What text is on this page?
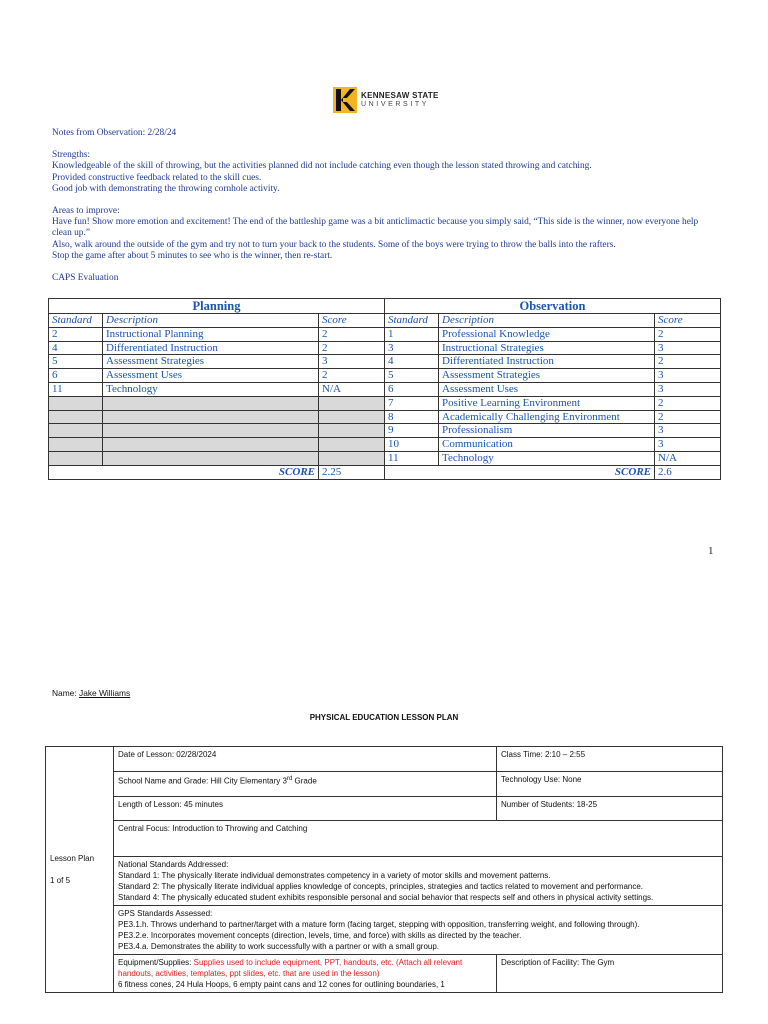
KENNESAW STATE
UNIVERSITY

Notes from Observation: 2/28/24

Strengths:

Knowledgeable of the skill of throwing, but the activities planned did not include catching even though the lesson stated throwing and catching.

Provided constructive feedback related to the skill cues.

Good job with demonstrating the throwing cornhole activity.

Areas to improve:

Have fun! Show more emotion and excitement! The end of the battleship game was a bit anticlimactic because you simply said, “This side is the winner, now everyone help clean up.”

Also, walk around the outside of the gym and try not to turn your back to the students. Some of the boys were trying to throw the balls into the rafters.

Stop the game after about 5 minutes to see who is the winner, then re-start.

CAPS Evaluation

Planning			Observation		
Standard	Description	Score	Standard	Description	Score
2	Instructional Planning	2	1	Professional Knowledge	2
4	Differentiated Instruction	2	3	Instructional Strategies	3
5	Assessment Strategies	3	4	Differentiated Instruction	2
6	Assessment Uses	2	5	Assessment Strategies	3
11	Technology	N/A	6	Assessment Uses	3
			7	Positive Learning Environment	2
			8	Academically Challenging Environment	2
			9	Professionalism	3
			10	Communication	3
			11	Technology	N/A
	SCORE	2.25		SCORE	2.6
1
Name: Jake Williams
PHYSICAL EDUCATION LESSON PLAN
Lesson Plan
1 of 5	Date of Lesson: 02/28/2024	Class Time: 2:10 – 2:55
	School Name and Grade: Hill City Elementary 3rd Grade	Technology Use: None
	Length of Lesson: 45 minutes	Number of Students: 18-25
	Central Focus: Introduction to Throwing and Catching	

	National Standards Addressed:
Standard 1: The physically literate individual demonstrates competency in a variety of motor skills and movement patterns.
Standard 2: The physically literate individual applies knowledge of concepts, principles, strategies and tactics related to movement and performance.
Standard 4: The physically educated student exhibits responsible personal and social behavior that respects self and others in physical activity settings.	

	GPS Standards Assessed:
PE3.1.h. Throws underhand to partner/target with a mature form (facing target, stepping with opposition, transferring weight, and following through).
PE3.2.e. Incorporates movement concepts (direction, levels, time, and force) with skills as directed by the teacher.
PE3.4.a. Demonstrates the ability to work successfully with a partner or with a small group.	

	Equipment/Supplies: Supplies used to include equipment, PPT, handouts, etc. (Attach all relevant handouts, activities, templates, ppt slides, etc. that are used in the lesson)
6 fitness cones, 24 Hula Hoops, 6 empty paint cans and 12 cones for outlining boundaries, 1	Description of Facility: The Gym
